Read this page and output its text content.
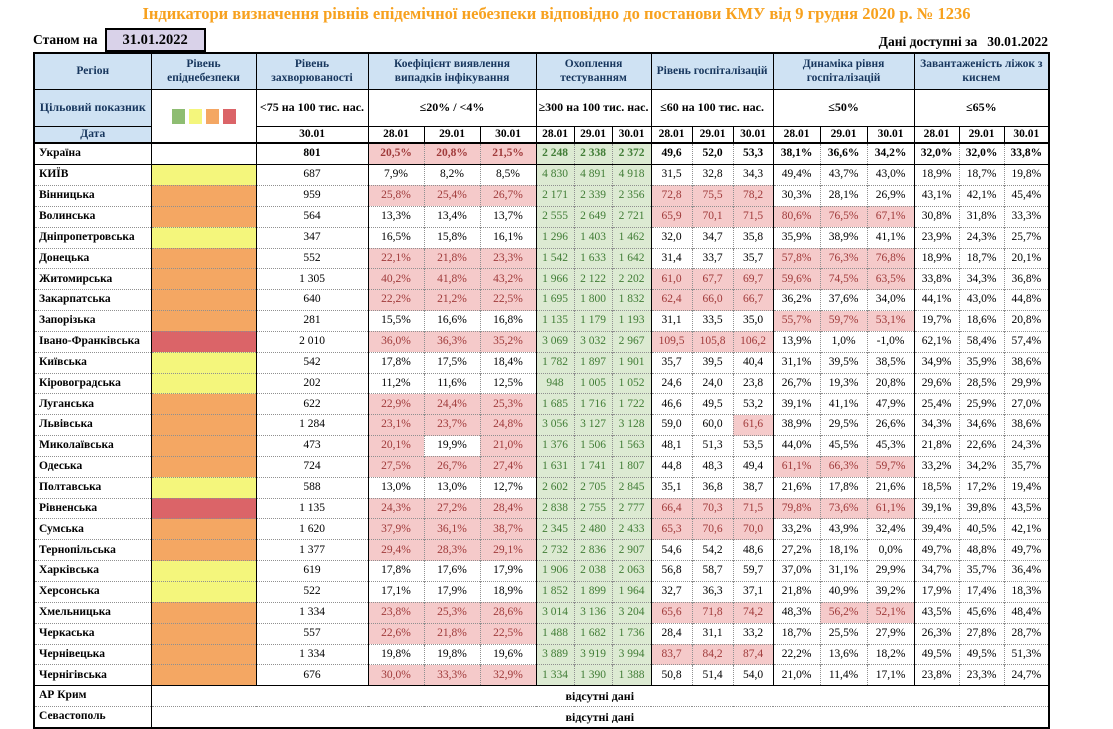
Індикатори визначення рівнів епідемічної небезпеки відповідно до постанови КМУ від 9 грудня 2020 р. № 1236
Станом на	31.01.2022	Дані доступні за 30.01.2022
Регіон	Рівень епіднебезпеки	Рівень захворюваності	Коефіцієнт виявлення випадків інфікування			Охоплення тестуванням			Рівень госпіталізацій			Динаміка рівня госпіталізацій			Завантаженість ліжок з киснем		
Цільовий показник		<75 на 100 тис. нас.	≤20% / <4%			≥300 на 100 тис. нас.			≤60 на 100 тис. нас.			≤50%			≤65%		
Дата		30.01	28.01	29.01	30.01	28.01	29.01	30.01	28.01	29.01	30.01	28.01	29.01	30.01	28.01	29.01	30.01
Україна		801	20,5%	20,8%	21,5%	2 248	2 338	2 372	49,6	52,0	53,3	38,1%	36,6%	34,2%	32,0%	32,0%	33,8%
КИЇВ		687	7,9%	8,2%	8,5%	4 830	4 891	4 918	31,5	32,8	34,3	49,4%	43,7%	43,0%	18,9%	18,7%	19,8%
Вінницька		959	25,8%	25,4%	26,7%	2 171	2 339	2 356	72,8	75,5	78,2	30,3%	28,1%	26,9%	43,1%	42,1%	45,4%
Волинська		564	13,3%	13,4%	13,7%	2 555	2 649	2 721	65,9	70,1	71,5	80,6%	76,5%	67,1%	30,8%	31,8%	33,3%
Дніпропетровська		347	16,5%	15,8%	16,1%	1 296	1 403	1 462	32,0	34,7	35,8	35,9%	38,9%	41,1%	23,9%	24,3%	25,7%
Донецька		552	22,1%	21,8%	23,3%	1 542	1 633	1 642	31,4	33,7	35,7	57,8%	76,3%	76,8%	18,9%	18,7%	20,1%
Житомирська		1 305	40,2%	41,8%	43,2%	1 966	2 122	2 202	61,0	67,7	69,7	59,6%	74,5%	63,5%	33,8%	34,3%	36,8%
Закарпатська		640	22,2%	21,2%	22,5%	1 695	1 800	1 832	62,4	66,0	66,7	36,2%	37,6%	34,0%	44,1%	43,0%	44,8%
Запорізька		281	15,5%	16,6%	16,8%	1 135	1 179	1 193	31,1	33,5	35,0	55,7%	59,7%	53,1%	19,7%	18,6%	20,8%
Івано-Франківська		2 010	36,0%	36,3%	35,2%	3 069	3 032	2 967	109,5	105,8	106,2	13,9%	1,0%	-1,0%	62,1%	58,4%	57,4%
Київська		542	17,8%	17,5%	18,4%	1 782	1 897	1 901	35,7	39,5	40,4	31,1%	39,5%	38,5%	34,9%	35,9%	38,6%
Кіровоградська		202	11,2%	11,6%	12,5%	948	1 005	1 052	24,6	24,0	23,8	26,7%	19,3%	20,8%	29,6%	28,5%	29,9%
Луганська		622	22,9%	24,4%	25,3%	1 685	1 716	1 722	46,6	49,5	53,2	39,1%	41,1%	47,9%	25,4%	25,9%	27,0%
Львівська		1 284	23,1%	23,7%	24,8%	3 056	3 127	3 128	59,0	60,0	61,6	38,9%	29,5%	26,6%	34,3%	34,6%	38,6%
Миколаївська		473	20,1%	19,9%	21,0%	1 376	1 506	1 563	48,1	51,3	53,5	44,0%	45,5%	45,3%	21,8%	22,6%	24,3%
Одеська		724	27,5%	26,7%	27,4%	1 631	1 741	1 807	44,8	48,3	49,4	61,1%	66,3%	59,7%	33,2%	34,2%	35,7%
Полтавська		588	13,0%	13,0%	12,7%	2 602	2 705	2 845	35,1	36,8	38,7	21,6%	17,8%	21,6%	18,5%	17,2%	19,4%
Рівненська		1 135	24,3%	27,2%	28,4%	2 838	2 755	2 777	66,4	70,3	71,5	79,8%	73,6%	61,1%	39,1%	39,8%	43,5%
Сумська		1 620	37,9%	36,1%	38,7%	2 345	2 480	2 433	65,3	70,6	70,0	33,2%	43,9%	32,4%	39,4%	40,5%	42,1%
Тернопільська		1 377	29,4%	28,3%	29,1%	2 732	2 836	2 907	54,6	54,2	48,6	27,2%	18,1%	0,0%	49,7%	48,8%	49,7%
Харківська		619	17,8%	17,6%	17,9%	1 906	2 038	2 063	56,8	58,7	59,7	37,0%	31,1%	29,9%	34,7%	35,7%	36,4%
Херсонська		522	17,1%	17,9%	18,9%	1 852	1 899	1 964	32,7	36,3	37,1	21,8%	40,9%	39,2%	17,9%	17,4%	18,3%
Хмельницька		1 334	23,8%	25,3%	28,6%	3 014	3 136	3 204	65,6	71,8	74,2	48,3%	56,2%	52,1%	43,5%	45,6%	48,4%
Черкаська		557	22,6%	21,8%	22,5%	1 488	1 682	1 736	28,4	31,1	33,2	18,7%	25,5%	27,9%	26,3%	27,8%	28,7%
Чернівецька		1 334	19,8%	19,8%	19,6%	3 889	3 919	3 994	83,7	84,2	87,4	22,2%	13,6%	18,2%	49,5%	49,5%	51,3%
Чернігівська		676	30,0%	33,3%	32,9%	1 334	1 390	1 388	50,8	51,4	54,0	21,0%	11,4%	17,1%	23,8%	23,3%	24,7%
АР Крим	відсутні дані																
Севастополь	відсутні дані																
